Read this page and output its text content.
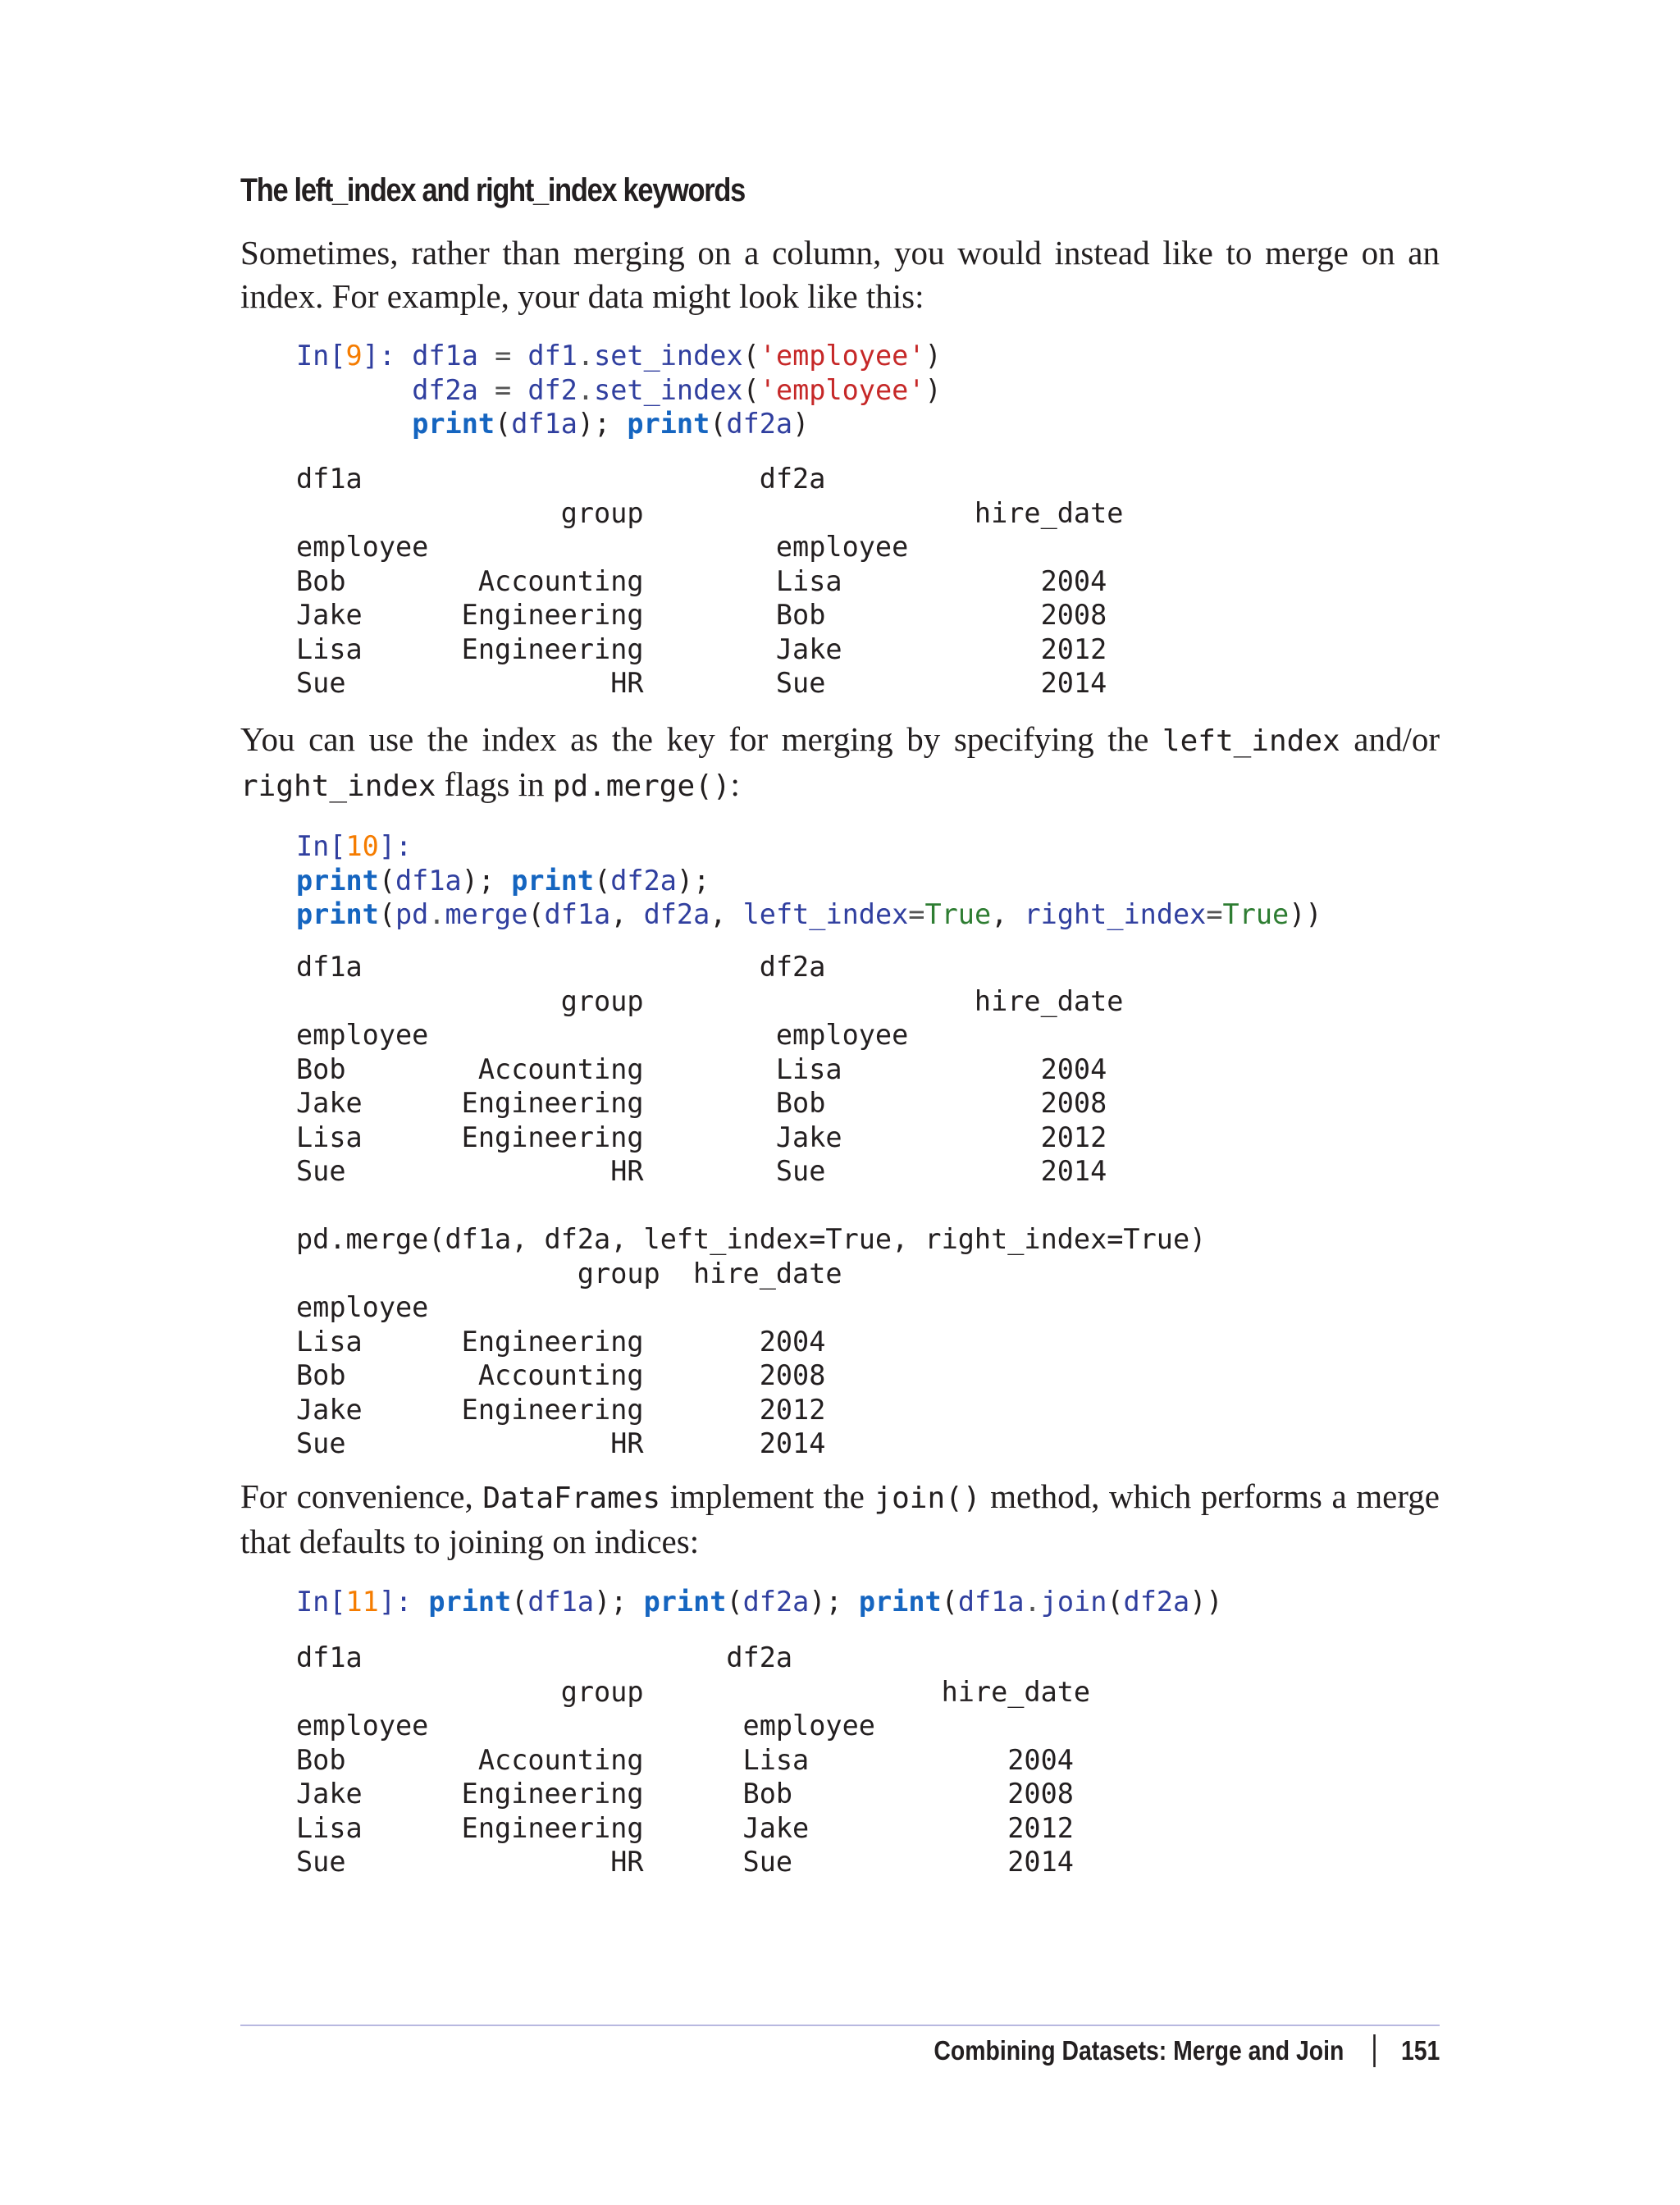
The left_index and right_index keywords

Sometimes, rather than merging on a column, you would instead like to merge on an index. For example, your data might look like this:

In[9]: df1a = df1.set_index('employee')
df2a = df2.set_index('employee')
print(df1a); print(df2a)
df1a                        df2a
group                    hire_date
employee                     employee
Bob        Accounting        Lisa            2004
Jake      Engineering        Bob             2008
Lisa      Engineering        Jake            2012
Sue                HR        Sue             2014

You can use the index as the key for merging by specifying the left_index and/or right_index flags in pd.merge():

In[10]:
print(df1a); print(df2a);
print(pd.merge(df1a, df2a, left_index=True, right_index=True))
df1a                        df2a
group                    hire_date
employee                     employee
Bob        Accounting        Lisa            2004
Jake      Engineering        Bob             2008
Lisa      Engineering        Jake            2012
Sue                HR        Sue             2014

pd.merge(df1a, df2a, left_index=True, right_index=True)
group  hire_date
employee
Lisa      Engineering       2004
Bob        Accounting       2008
Jake      Engineering       2012
Sue                HR       2014

For convenience, DataFrames implement the join() method, which performs a merge that defaults to joining on indices:

In[11]: print(df1a); print(df2a); print(df1a.join(df2a))
df1a                      df2a
group                  hire_date
employee                   employee
Bob        Accounting      Lisa            2004
Jake      Engineering      Bob             2008
Lisa      Engineering      Jake            2012
Sue                HR      Sue             2014
Combining Datasets: Merge and Join 151
